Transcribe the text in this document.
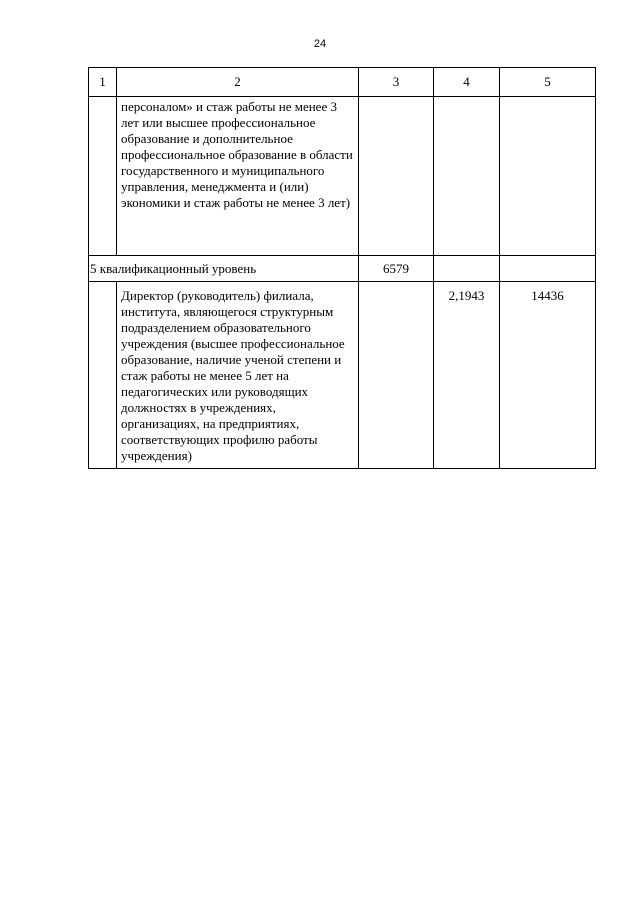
24
1	2	3	4	5
	персоналом» и стаж работы не менее 3 лет или высшее профессиональное образование и дополнительное профессиональное образование в области государственного и муниципального управления, менеджмента и (или) экономики и стаж работы не менее 3 лет)			
5 квалификационный уровень		6579		
	Директор (руководитель) филиала, института, являющегося структурным подразделением образовательного учреждения (высшее профессиональное образование, наличие ученой степени и стаж работы не менее 5 лет на педагогических или руководящих должностях в учреждениях, организациях, на предприятиях, соответствующих профилю работы учреждения)		2,1943	14436
